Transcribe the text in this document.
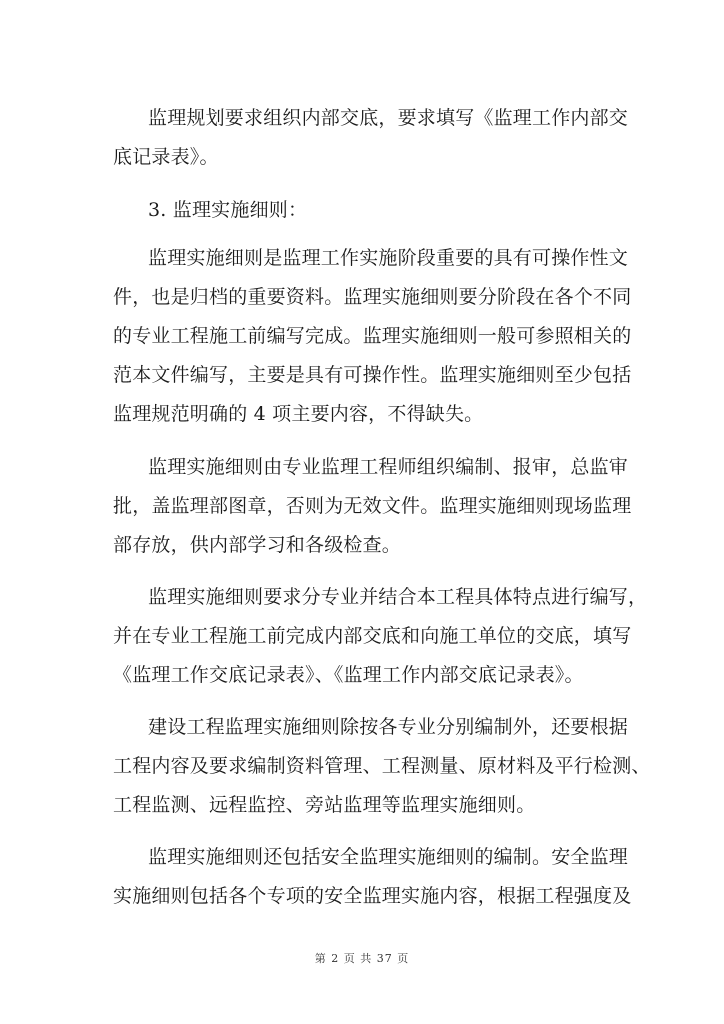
监理规划要求组织内部交底，要求填写《监理工作内部交
底记录表》。
3. 监理实施细则：
监理实施细则是监理工作实施阶段重要的具有可操作性文
件，也是归档的重要资料。监理实施细则要分阶段在各个不同
的专业工程施工前编写完成。监理实施细则一般可参照相关的
范本文件编写，主要是具有可操作性。监理实施细则至少包括
监理规范明确的 4 项主要内容，不得缺失。
监理实施细则由专业监理工程师组织编制、报审，总监审
批，盖监理部图章，否则为无效文件。监理实施细则现场监理
部存放，供内部学习和各级检查。
监理实施细则要求分专业并结合本工程具体特点进行编写，
并在专业工程施工前完成内部交底和向施工单位的交底，填写
《监理工作交底记录表》、《监理工作内部交底记录表》。
建设工程监理实施细则除按各专业分别编制外，还要根据
工程内容及要求编制资料管理、工程测量、原材料及平行检测、
工程监测、远程监控、旁站监理等监理实施细则。
监理实施细则还包括安全监理实施细则的编制。安全监理
实施细则包括各个专项的安全监理实施内容，根据工程强度及
第 2 页 共 37 页
